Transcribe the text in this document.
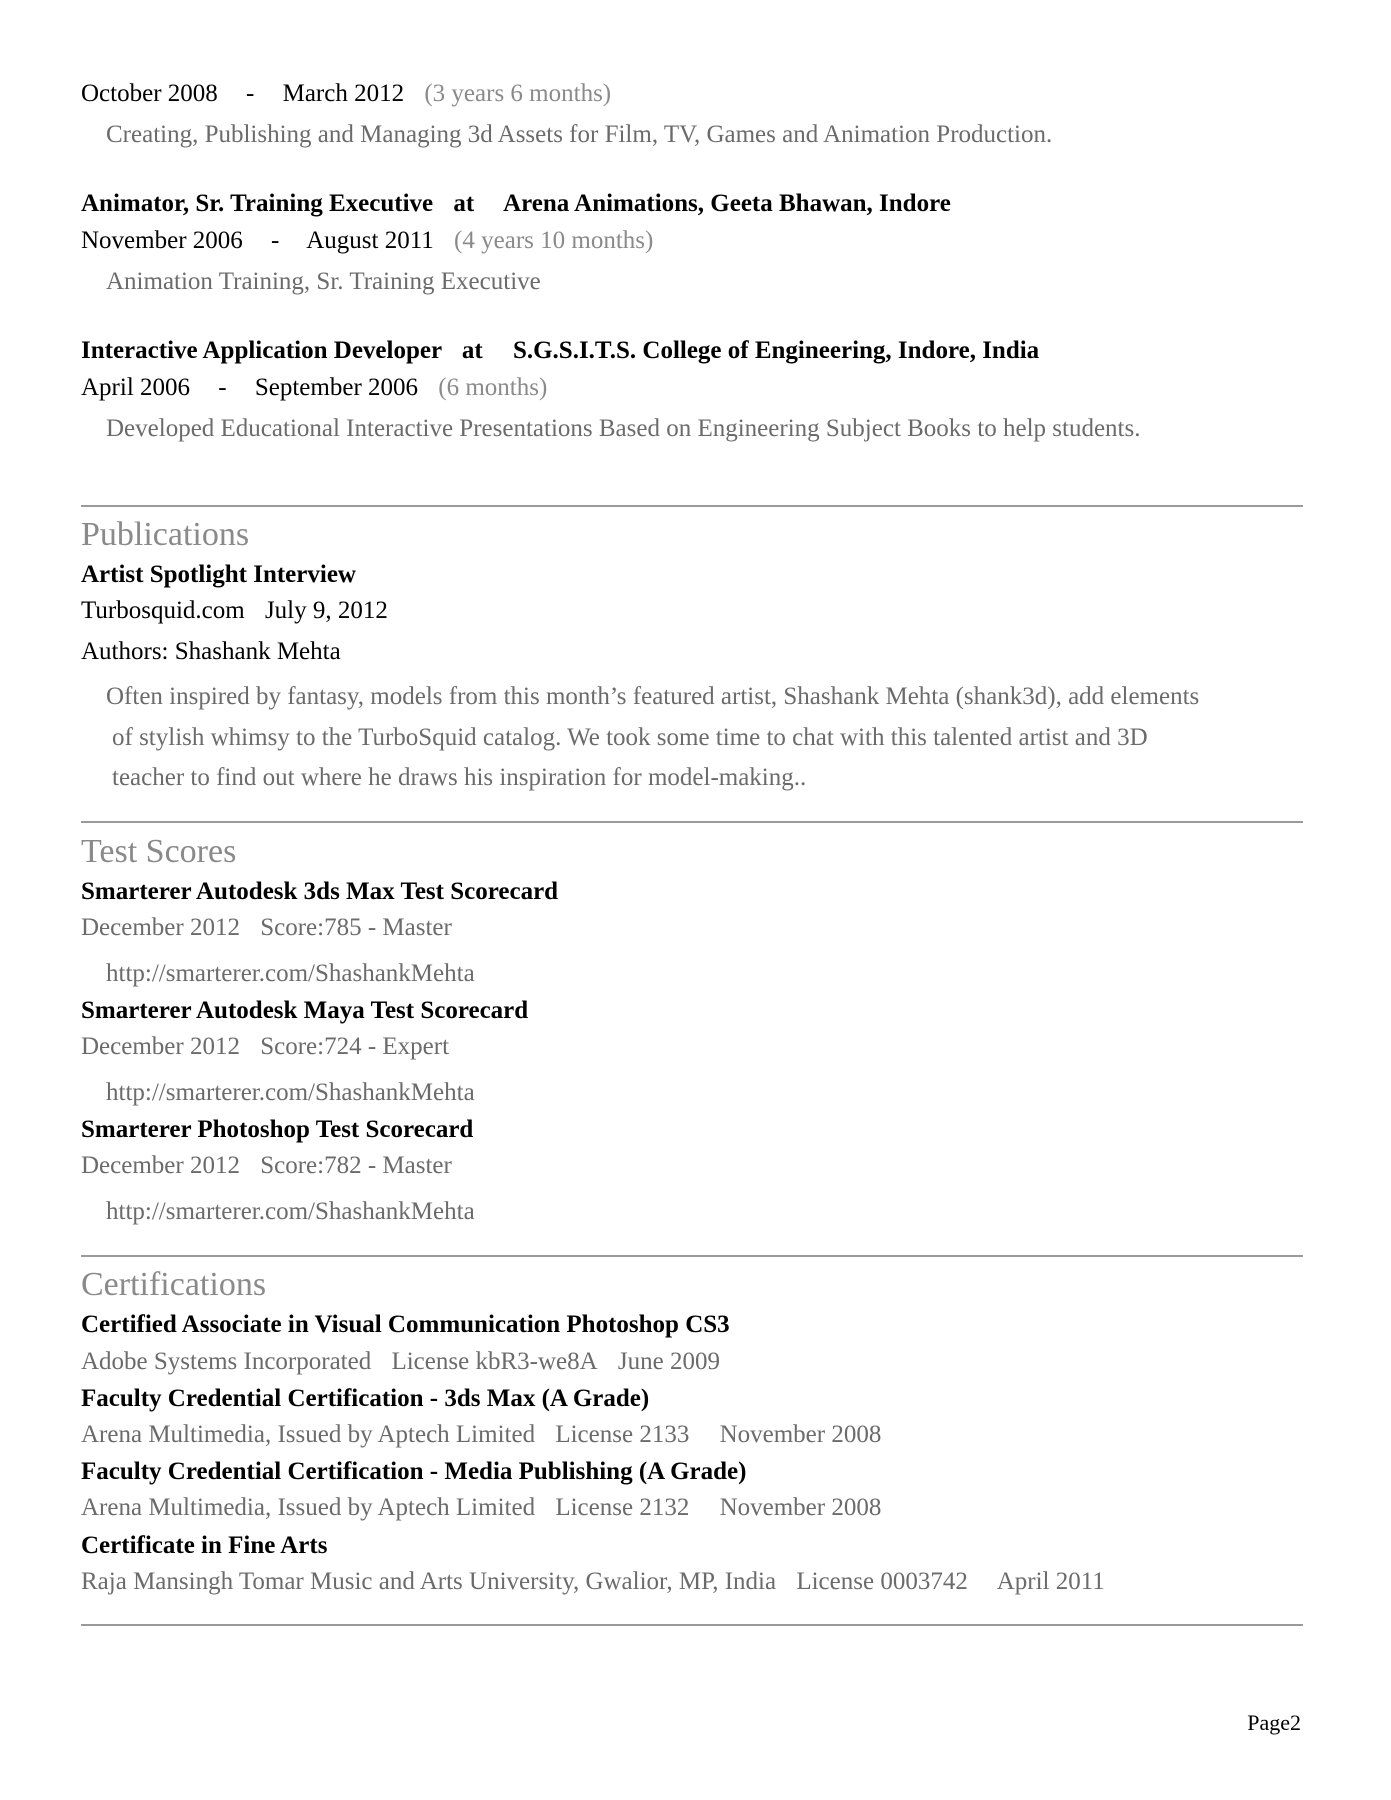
October 2008 - March 2012 (3 years 6 months)
Creating, Publishing and Managing 3d Assets for Film, TV, Games and Animation Production.
Animator, Sr. Training Executive at Arena Animations, Geeta Bhawan, Indore
November 2006 - August 2011 (4 years 10 months)
Animation Training, Sr. Training Executive
Interactive Application Developer at S.G.S.I.T.S. College of Engineering, Indore, India
April 2006 - September 2006 (6 months)
Developed Educational Interactive Presentations Based on Engineering Subject Books to help students.
Publications
Artist Spotlight Interview
Turbosquid.com July 9, 2012
Authors: Shashank Mehta
Often inspired by fantasy, models from this month’s featured artist, Shashank Mehta (shank3d), add elements
of stylish whimsy to the TurboSquid catalog. We took some time to chat with this talented artist and 3D
teacher to find out where he draws his inspiration for model-making..
Test Scores
Smarterer Autodesk 3ds Max Test Scorecard
December 2012 Score:785 - Master
http://smarterer.com/ShashankMehta
Smarterer Autodesk Maya Test Scorecard
December 2012 Score:724 - Expert
http://smarterer.com/ShashankMehta
Smarterer Photoshop Test Scorecard
December 2012 Score:782 - Master
http://smarterer.com/ShashankMehta
Certifications
Certified Associate in Visual Communication Photoshop CS3
Adobe Systems Incorporated License kbR3-we8A June 2009
Faculty Credential Certification - 3ds Max (A Grade)
Arena Multimedia, Issued by Aptech Limited License 2133 November 2008
Faculty Credential Certification - Media Publishing (A Grade)
Arena Multimedia, Issued by Aptech Limited License 2132 November 2008
Certificate in Fine Arts
Raja Mansingh Tomar Music and Arts University, Gwalior, MP, India License 0003742 April 2011
Page2
